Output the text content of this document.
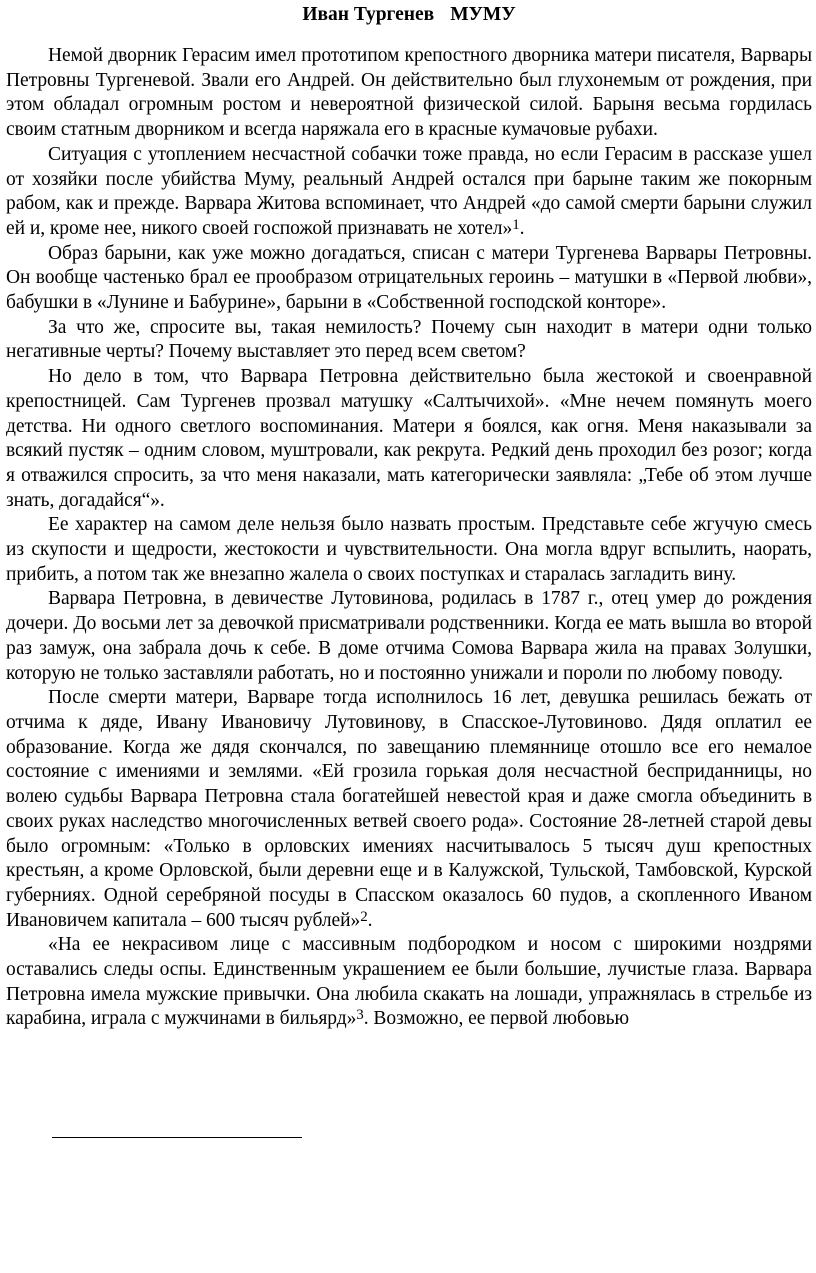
Иван Тургенев МУМУ

Немой дворник Герасим имел прототипом крепостного дворника матери писателя, Варвары Петровны Тургеневой. Звали его Андрей. Он действительно был глухонемым от рождения, при этом обладал огромным ростом и невероятной физической силой. Барыня весьма гордилась своим статным дворником и всегда наряжала его в красные кумачовые рубахи.

Ситуация с утоплением несчастной собачки тоже правда, но если Герасим в рассказе ушел от хозяйки после убийства Муму, реальный Андрей остался при барыне таким же покорным рабом, как и прежде. Варвара Житова вспоминает, что Андрей «до самой смерти барыни служил ей и, кроме нее, никого своей госпожой признавать не хотел»$^1$.

Образ барыни, как уже можно догадаться, списан с матери Тургенева Варвары Петровны. Он вообще частенько брал ее прообразом отрицательных героинь – матушки в «Первой любви», бабушки в «Лунине и Бабурине», барыни в «Собственной господской конторе».

За что же, спросите вы, такая немилость? Почему сын находит в матери одни только негативные черты? Почему выставляет это перед всем светом?

Но дело в том, что Варвара Петровна действительно была жестокой и своенравной крепостницей. Сам Тургенев прозвал матушку «Салтычихой». «Мне нечем помянуть моего детства. Ни одного светлого воспоминания. Матери я боялся, как огня. Меня наказывали за всякий пустяк – одним словом, муштровали, как рекрута. Редкий день проходил без розог; когда я отважился спросить, за что меня наказали, мать категорически заявляла: „Тебе об этом лучше знать, догадайся“».

Ее характер на самом деле нельзя было назвать простым. Представьте себе жгучую смесь из скупости и щедрости, жестокости и чувствительности. Она могла вдруг вспылить, наорать, прибить, а потом так же внезапно жалела о своих поступках и старалась загладить вину.

Варвара Петровна, в девичестве Лутовинова, родилась в 1787 г., отец умер до рождения дочери. До восьми лет за девочкой присматривали родственники. Когда ее мать вышла во второй раз замуж, она забрала дочь к себе. В доме отчима Сомова Варвара жила на правах Золушки, которую не только заставляли работать, но и постоянно унижали и пороли по любому поводу.

После смерти матери, Варваре тогда исполнилось 16 лет, девушка решилась бежать от отчима к дяде, Ивану Ивановичу Лутовинову, в Спасское-Лутовиново. Дядя оплатил ее образование. Когда же дядя скончался, по завещанию племяннице отошло все его немалое состояние с имениями и землями. «Ей грозила горькая доля несчастной бесприданницы, но волею судьбы Варвара Петровна стала богатейшей невестой края и даже смогла объединить в своих руках наследство многочисленных ветвей своего рода». Состояние 28-летней старой девы было огромным: «Только в орловских имениях насчитывалось 5 тысяч душ крепостных крестьян, а кроме Орловской, были деревни еще и в Калужской, Тульской, Тамбовской, Курской губерниях. Одной серебряной посуды в Спасском оказалось 60 пудов, а скопленного Иваном Ивановичем капитала – 600 тысяч рублей»$^2$.

«На ее некрасивом лице с массивным подбородком и носом с широкими ноздрями оставались следы оспы. Единственным украшением ее были большие, лучистые глаза. Варвара Петровна имела мужские привычки. Она любила скакать на лошади, упражнялась в стрельбе из карабина, играла с мужчинами в бильярд»$^3$. Возможно, ее первой любовью
